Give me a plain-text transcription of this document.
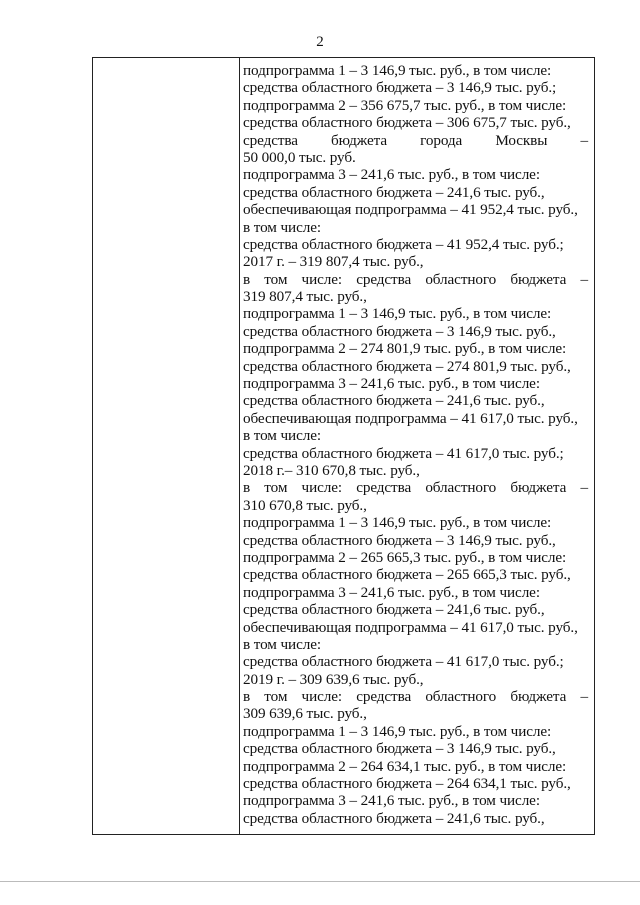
2
подпрограмма 1 – 3 146,9 тыс. руб., в том числе:
средства областного бюджета – 3 146,9 тыс. руб.;
подпрограмма 2 – 356 675,7 тыс. руб., в том числе:
средства областного бюджета – 306 675,7 тыс. руб.,
средства бюджета города Москвы –
50 000,0 тыс. руб.
подпрограмма 3 – 241,6 тыс. руб., в том числе:
средства областного бюджета – 241,6 тыс. руб.,
обеспечивающая подпрограмма – 41 952,4 тыс. руб.,
в том числе:
средства областного бюджета – 41 952,4 тыс. руб.;
2017 г. – 319 807,4 тыс. руб.,
в том числе: средства областного бюджета –
319 807,4 тыс. руб.,
подпрограмма 1 – 3 146,9 тыс. руб., в том числе:
средства областного бюджета – 3 146,9 тыс. руб.,
подпрограмма 2 – 274 801,9 тыс. руб., в том числе:
средства областного бюджета – 274 801,9 тыс. руб.,
подпрограмма 3 – 241,6 тыс. руб., в том числе:
средства областного бюджета – 241,6 тыс. руб.,
обеспечивающая подпрограмма – 41 617,0 тыс. руб.,
в том числе:
средства областного бюджета – 41 617,0 тыс. руб.;
2018 г.– 310 670,8 тыс. руб.,
в том числе: средства областного бюджета –
310 670,8 тыс. руб.,
подпрограмма 1 – 3 146,9 тыс. руб., в том числе:
средства областного бюджета – 3 146,9 тыс. руб.,
подпрограмма 2 – 265 665,3 тыс. руб., в том числе:
средства областного бюджета – 265 665,3 тыс. руб.,
подпрограмма 3 – 241,6 тыс. руб., в том числе:
средства областного бюджета – 241,6 тыс. руб.,
обеспечивающая подпрограмма – 41 617,0 тыс. руб.,
в том числе:
средства областного бюджета – 41 617,0 тыс. руб.;
2019 г. – 309 639,6 тыс. руб.,
в том числе: средства областного бюджета –
309 639,6 тыс. руб.,
подпрограмма 1 – 3 146,9 тыс. руб., в том числе:
средства областного бюджета – 3 146,9 тыс. руб.,
подпрограмма 2 – 264 634,1 тыс. руб., в том числе:
средства областного бюджета – 264 634,1 тыс. руб.,
подпрограмма 3 – 241,6 тыс. руб., в том числе:
средства областного бюджета – 241,6 тыс. руб.,
